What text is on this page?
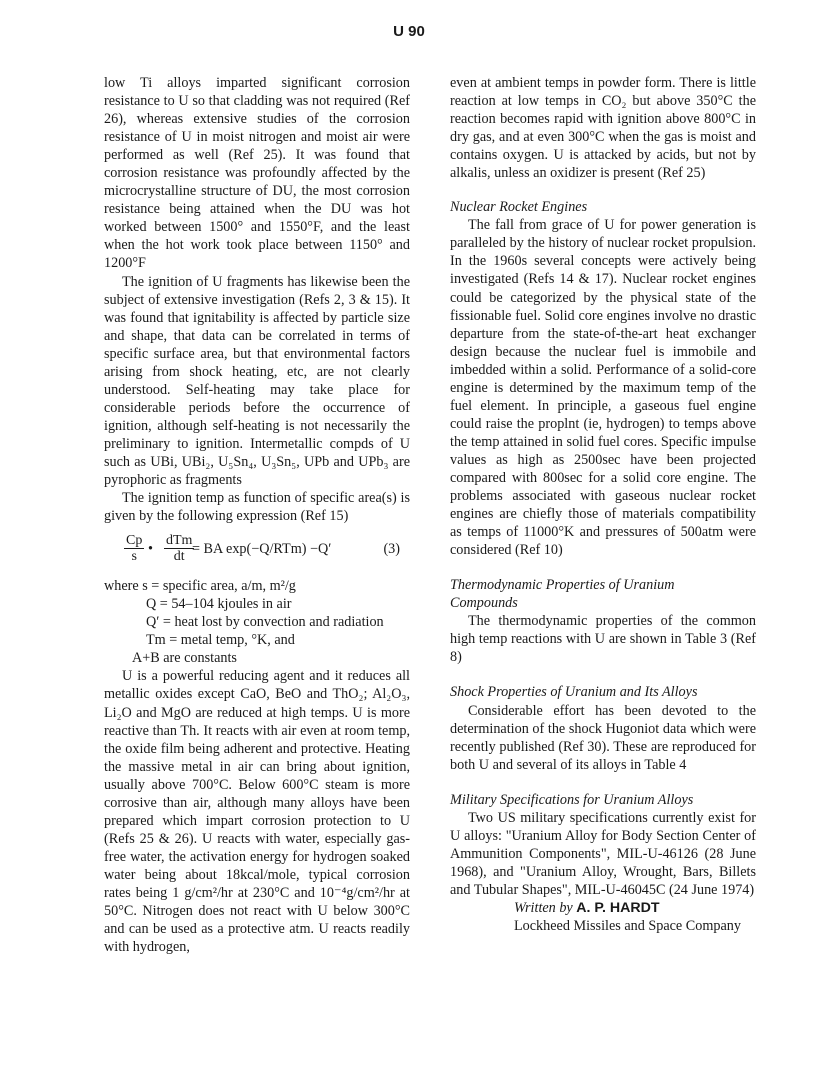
U 90

low Ti alloys imparted significant corrosion resistance to U so that cladding was not required (Ref 26), whereas extensive studies of the corrosion resistance of U in moist nitrogen and moist air were performed as well (Ref 25). It was found that corrosion resistance was profoundly affected by the microcrystalline structure of DU, the most corrosion resistance being attained when the DU was hot worked between 1500° and 1550°F, and the least when the hot work took place between 1150° and 1200°F

The ignition of U fragments has likewise been the subject of extensive investigation (Refs 2, 3 & 15). It was found that ignitability is affected by particle size and shape, that data can be correlated in terms of specific surface area, but that environmental factors arising from shock heating, etc, are not clearly understood. Self-heating may take place for considerable periods before the occurrence of ignition, although self-heating is not necessarily the preliminary to ignition. Intermetallic compds of U such as UBi, UBi₂, U₅Sn₄, U₃Sn₅, UPb and UPb₃ are pyrophoric as fragments

The ignition temp as function of specific area(s) is given by the following expression (Ref 15)

$\frac{Cp}{s}$ •
dTm
dt = BA exp(−Q/RTm) −Q′	(3)
where s = specific area, a/m, m²/g
Q = 54–104 kjoules in air
Q′ = heat lost by convection and radiation
Tm = metal temp, °K, and
A+B are constants

U is a powerful reducing agent and it reduces all metallic oxides except CaO, BeO and ThO₂; Al₂O₃, Li₂O and MgO are reduced at high temps. U is more reactive than Th. It reacts with air even at room temp, the oxide film being adherent and protective. Heating the massive metal in air can bring about ignition, usually above 700°C. Below 600°C steam is more corrosive than air, although many alloys have been prepared which impart corrosion protection to U (Refs 25 & 26). U reacts with water, especially gas-free water, the activation energy for hydrogen soaked water being about 18kcal/mole, typical corrosion rates being 1 g/cm²/hr at 230°C and 10⁻⁴g/cm²/hr at 50°C. Nitrogen does not react with U below 300°C and can be used as a protective atm. U reacts readily with hydrogen,

even at ambient temps in powder form. There is little reaction at low temps in CO₂ but above 350°C the reaction becomes rapid with ignition above 800°C in dry gas, and at even 300°C when the gas is moist and contains oxygen. U is attacked by acids, but not by alkalis, unless an oxidizer is present (Ref 25)

Nuclear Rocket Engines

The fall from grace of U for power generation is paralleled by the history of nuclear rocket propulsion. In the 1960s several concepts were actively being investigated (Refs 14 & 17). Nuclear rocket engines could be categorized by the physical state of the fissionable fuel. Solid core engines involve no drastic departure from the state-of-the-art heat exchanger design because the nuclear fuel is immobile and imbedded within a solid. Performance of a solid-core engine is determined by the maximum temp of the fuel element. In principle, a gaseous fuel engine could raise the proplnt (ie, hydrogen) to temps above the temp attained in solid fuel cores. Specific impulse values as high as 2500sec have been projected compared with 800sec for a solid core engine. The problems associated with gaseous nuclear rocket engines are chiefly those of materials compatibility as temps of 11000°K and pressures of 500atm were considered (Ref 10)

Thermodynamic Properties of Uranium
Compounds

The thermodynamic properties of the common high temp reactions with U are shown in Table 3 (Ref 8)

Shock Properties of Uranium and Its Alloys

Considerable effort has been devoted to the determination of the shock Hugoniot data which were recently published (Ref 30). These are reproduced for both U and several of its alloys in Table 4

Military Specifications for Uranium Alloys

Two US military specifications currently exist for U alloys: "Uranium Alloy for Body Section Center of Ammunition Components", MIL-U-46126 (28 June 1968), and "Uranium Alloy, Wrought, Bars, Billets and Tubular Shapes", MIL-U-46045C (24 June 1974)

Written by A. P. HARDT
Lockheed Missiles and Space Company
